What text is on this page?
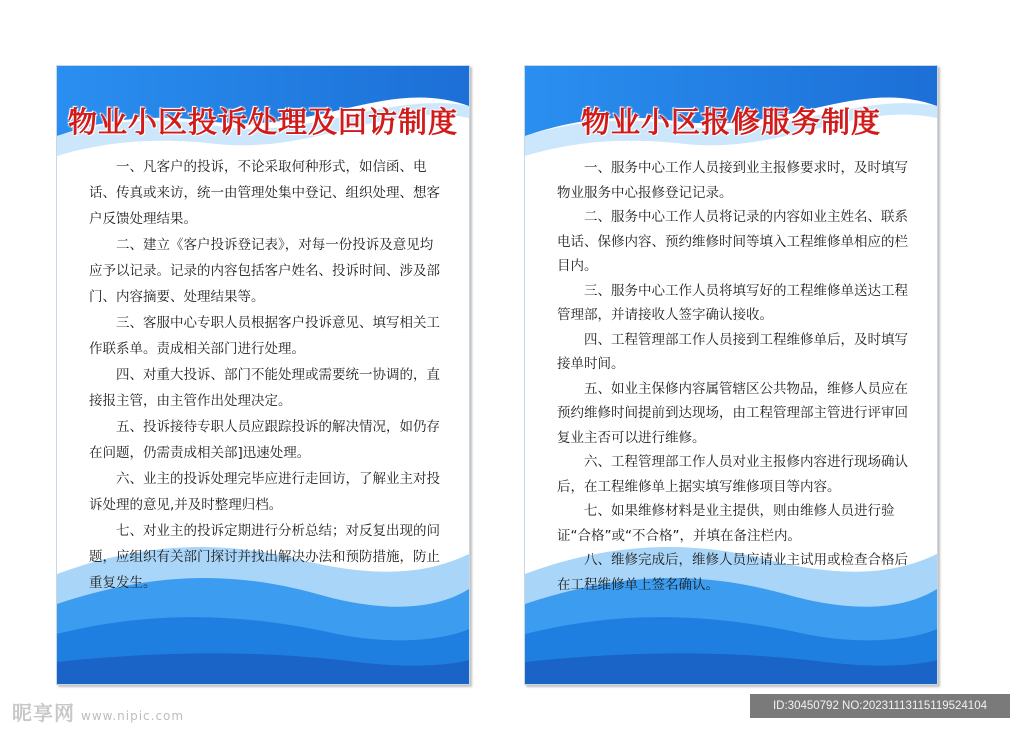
物业小区投诉处理及回访制度

一、凡客户的投诉，不论采取何种形式，如信函、电话、传真或来访，统一由管理处集中登记、组织处理、想客户反馈处理结果。

二、建立《客户投诉登记表》，对每一份投诉及意见均应予以记录。记录的内容包括客户姓名、投诉时间、涉及部门、内容摘要、处理结果等。

三、客服中心专职人员根据客户投诉意见、填写相关工作联系单。责成相关部门进行处理。

四、对重大投诉、部门不能处理或需要统一协调的，直接报主管，由主管作出处理决定。

五、投诉接待专职人员应跟踪投诉的解决情况，如仍存在问题，仍需责成相关部]迅速处理。

六、业主的投诉处理完毕应进行走回访，了解业主对投诉处理的意见,并及时整理归档。

七、对业主的投诉定期进行分析总结；对反复出现的问题，应组织有关部门探讨并找出解决办法和预防措施，防止重复发生。

物业小区报修服务制度

一、服务中心工作人员接到业主报修要求时，及时填写物业服务中心报修登记记录。

二、服务中心工作人员将记录的内容如业主姓名、联系电话、保修内容、预约维修时间等填入工程维修单相应的栏目内。

三、服务中心工作人员将填写好的工程维修单送达工程管理部，并请接收人签字确认接收。

四、工程管理部工作人员接到工程维修单后，及时填写接单时间。

五、如业主保修内容属管辖区公共物品，维修人员应在预约维修时间提前到达现场，由工程管理部主管进行评审回复业主否可以进行维修。

六、工程管理部工作人员对业主报修内容进行现场确认后，在工程维修单上据实填写维修项目等内容。

七、如果维修材料是业主提供，则由维修人员进行验证“合格”或“不合格”，并填在备注栏内。

八、维修完成后，维修人员应请业主试用或检查合格后在工程维修单上签名确认。

昵享网 www.nipic.com
ID:30450792 NO:20231113115119524104
